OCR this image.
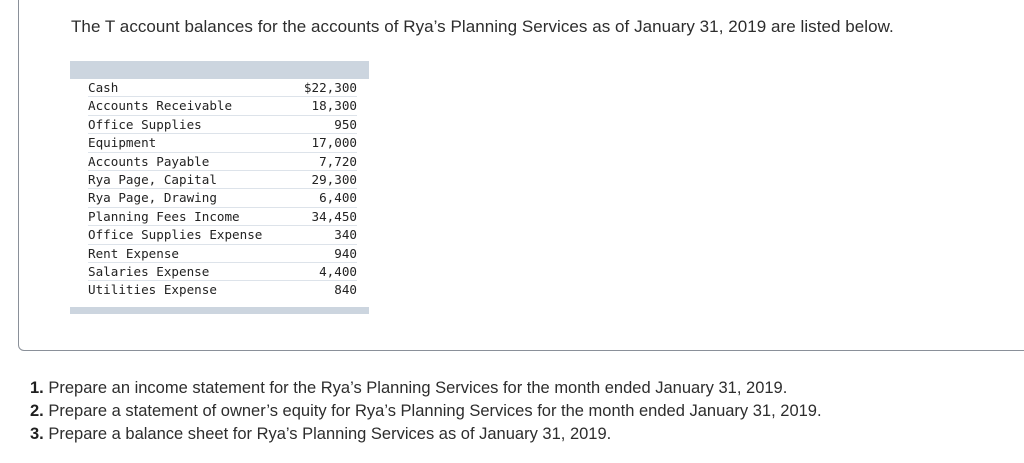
The T account balances for the accounts of Rya’s Planning Services as of January 31, 2019 are listed below.
Cash	$22,300
Accounts Receivable	18,300
Office Supplies	950
Equipment	17,000
Accounts Payable	7,720
Rya Page, Capital	29,300
Rya Page, Drawing	6,400
Planning Fees Income	34,450
Office Supplies Expense	340
Rent Expense	940
Salaries Expense	4,400
Utilities Expense	840
1. Prepare an income statement for the Rya’s Planning Services for the month ended January 31, 2019.
2. Prepare a statement of owner’s equity for Rya’s Planning Services for the month ended January 31, 2019.
3. Prepare a balance sheet for Rya’s Planning Services as of January 31, 2019.
